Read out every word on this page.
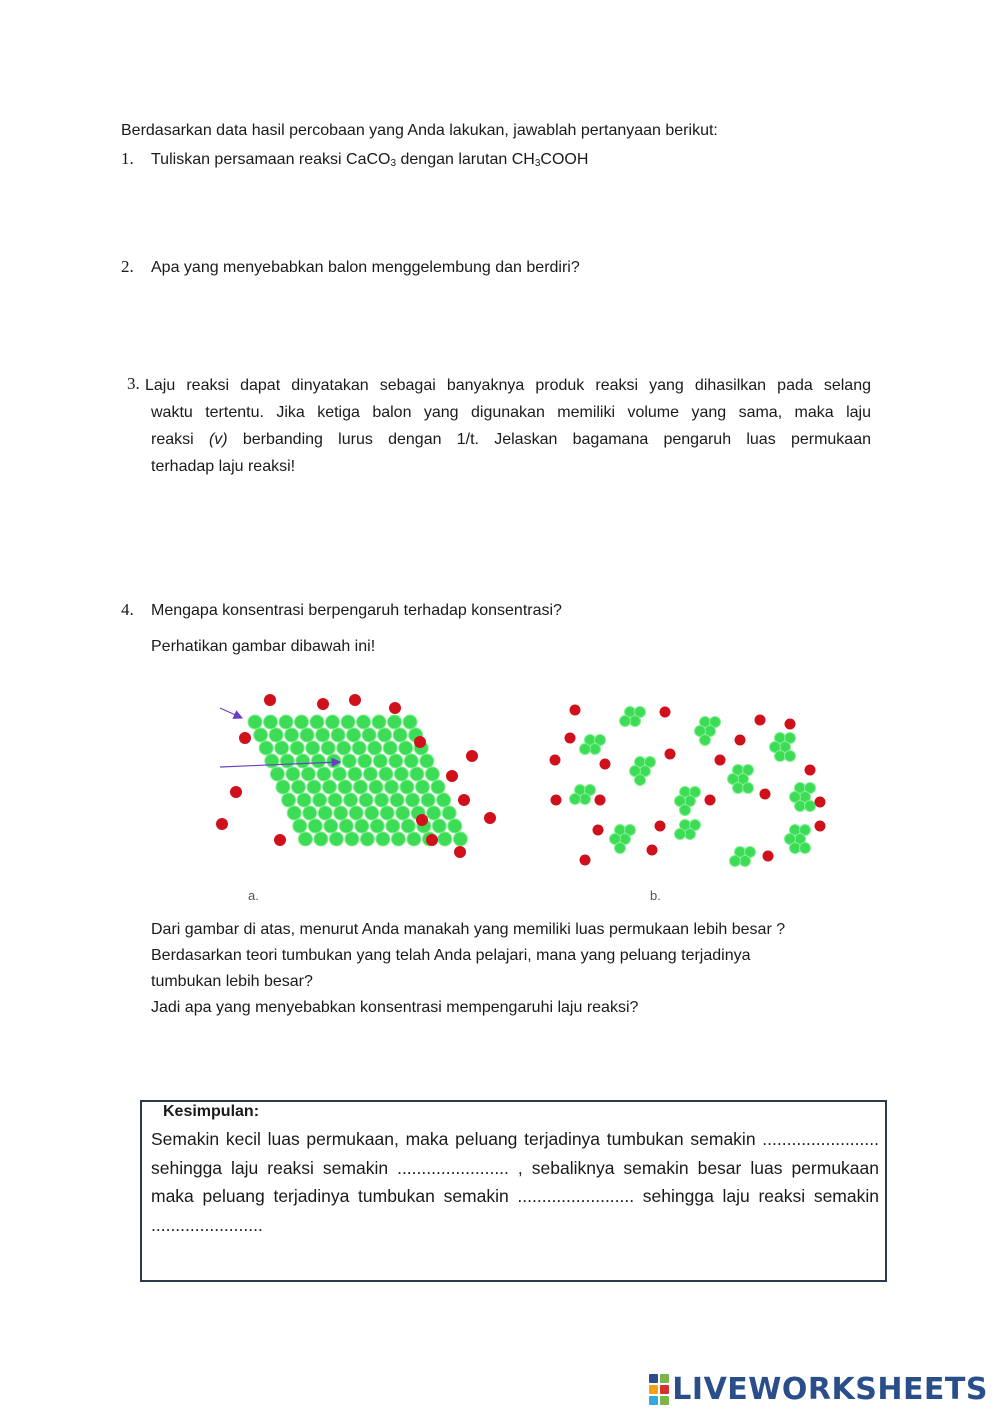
Berdasarkan data hasil percobaan yang Anda lakukan, jawablah pertanyaan berikut:
1. Tuliskan persamaan reaksi CaCO$_3$ dengan larutan $CH_3COOH$
2. Apa yang menyebabkan balon menggelembung dan berdiri?
3. Laju reaksi dapat dinyatakan sebagai banyaknya produk reaksi yang dihasilkan pada selang
waktu tertentu. Jika ketiga balon yang digunakan memiliki volume yang sama, maka laju
reaksi (v) berbanding lurus dengan 1/t. Jelaskan bagamana pengaruh luas permukaan
terhadap laju reaksi!
4. Mengapa konsentrasi berpengaruh terhadap konsentrasi?
Perhatikan gambar dibawah ini!
a.	b.
Dari gambar di atas, menurut Anda manakah yang memiliki luas permukaan lebih besar ?
Berdasarkan teori tumbukan yang telah Anda pelajari, mana yang peluang terjadinya
tumbukan lebih besar?
Jadi apa yang menyebabkan konsentrasi mempengaruhi laju reaksi?
Kesimpulan:
Semakin kecil luas permukaan, maka peluang terjadinya tumbukan semakin ........................ sehingga laju reaksi semakin ....................... , sebaliknya semakin besar luas permukaan maka peluang terjadinya tumbukan semakin ........................ sehingga laju reaksi semakin .......................
LIVEWORKSHEETS
